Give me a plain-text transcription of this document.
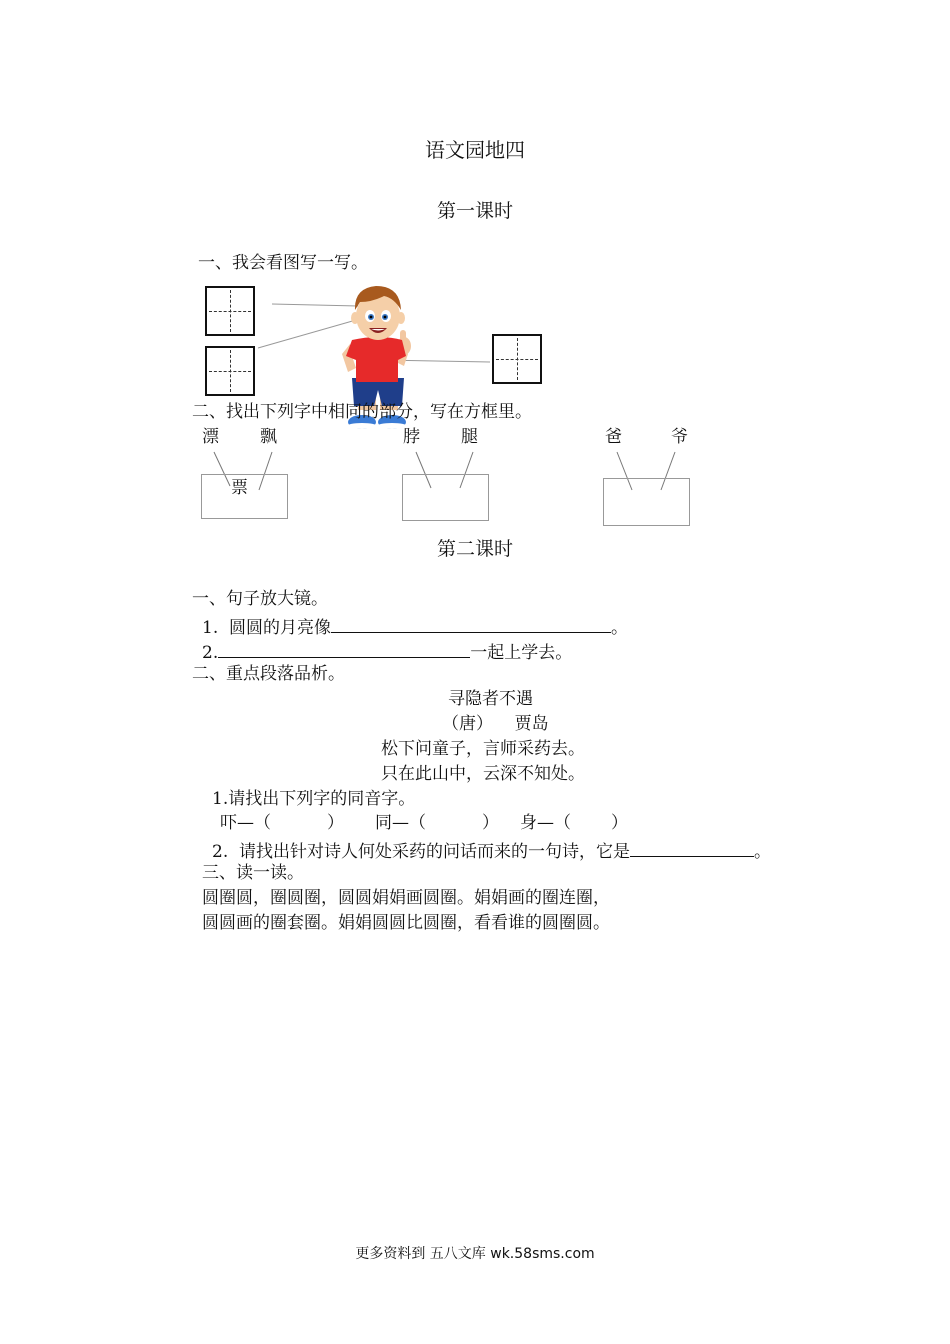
语文园地四
第一课时
一、我会看图写一写。
二、找出下列字中相同的部分，写在方框里。
漂 飘
票
脖 腿	爸	爷
第二课时
一、句子放大镜。
1. 圆圆的月亮像	。
2.	一起上学去。
二、重点段落品析。
寻隐者不遇
（唐） 贾岛
松下问童子，言师采药去。
只在此山中，云深不知处。
1.请找出下列字的同音字。
吓—（	） 同—（	） 身—（ ）
2. 请找出针对诗人何处采药的问话而来的一句诗，它是	。
三、读一读。
圆圈圆，圈圆圈，圆圆娟娟画圆圈。娟娟画的圈连圈，
圆圆画的圈套圈。娟娟圆圆比圆圈，看看谁的圆圈圆。
更多资料到 五八文库 wk.58sms.com
